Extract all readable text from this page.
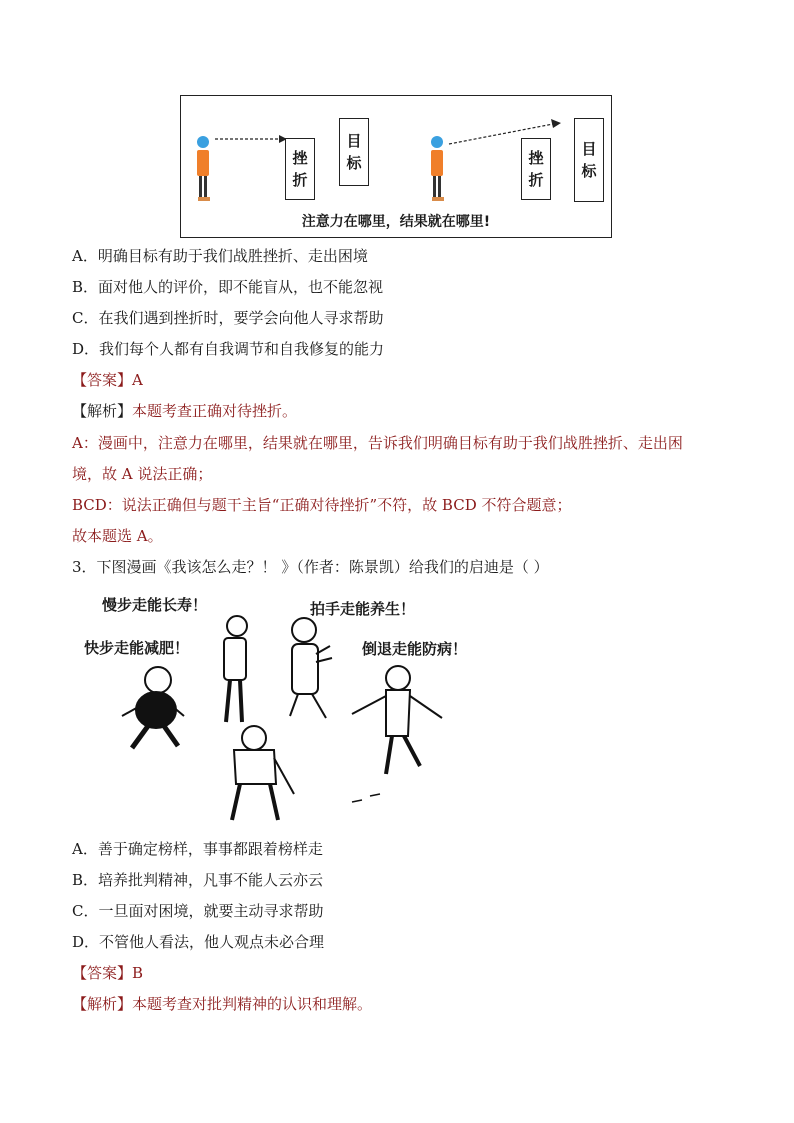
挫
折
目
标	挫
折
目
标
注意力在哪里，结果就在哪里!
A．明确目标有助于我们战胜挫折、走出困境
B．面对他人的评价，即不能盲从，也不能忽视
C．在我们遇到挫折时，要学会向他人寻求帮助
D．我们每个人都有自我调节和自我修复的能力
【答案】A
【解析】本题考查正确对待挫折。
A：漫画中，注意力在哪里，结果就在哪里，告诉我们明确目标有助于我们战胜挫折、走出困
境，故 A 说法正确；
BCD：说法正确但与题干主旨“正确对待挫折”不符，故 BCD 不符合题意；
故本题选 A。
3．下图漫画《我该怎么走？！ 》（作者：陈景凯）给我们的启迪是（ ）
慢步走能长寿！
快步走能减肥！
拍手走能养生！
倒退走能防病！
A．善于确定榜样，事事都跟着榜样走
B．培养批判精神，凡事不能人云亦云
C．一旦面对困境，就要主动寻求帮助
D．不管他人看法，他人观点未必合理
【答案】B
【解析】本题考查对批判精神的认识和理解。
